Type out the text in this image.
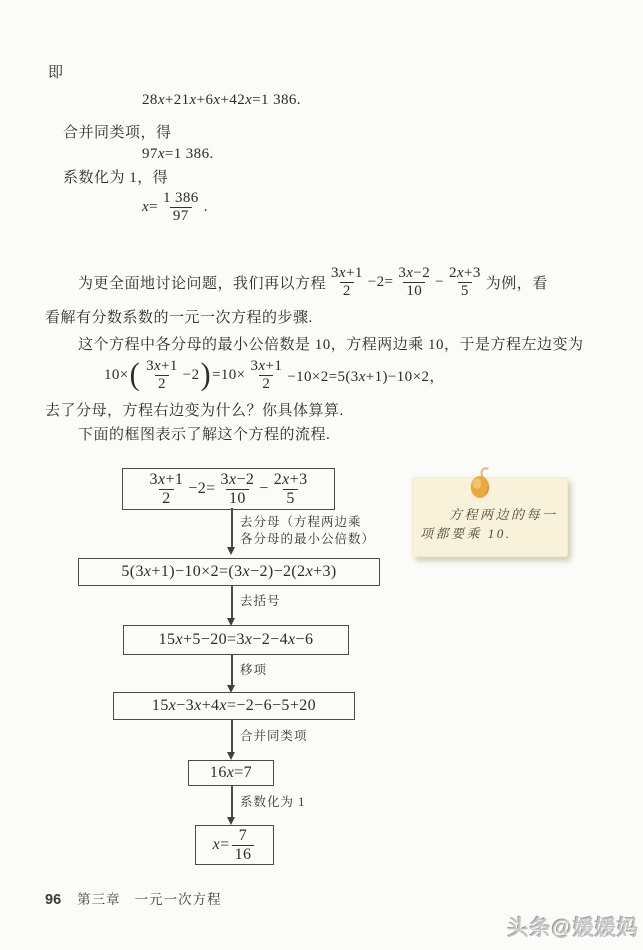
即
28x+21x+6x+42x=1 386.
合并同类项，得
97x=1 386.
系数化为 1，得
$x= \frac{1 386}{97}$ .
为更全面地讨论问题，我们再以方程 $\frac{3x+1}{2} -2= \frac{3x-2}{10} - \frac{2x+3}{5}$ 为例，看
看解有分数系数的一元一次方程的步骤.
这个方程中各分母的最小公倍数是 10，方程两边乘 10，于是方程左边变为
10× ( $\frac{3x+1}{2} -2$ ) $=10\times \frac{3x+1}{2} -10\times 2=5(3x+1)-10\times 2$，
去了分母，方程右边变为什么？你具体算算.
下面的框图表示了解这个方程的流程.
$\frac{3x+1}{2} -2= \frac{3x-2}{10} - \frac{2x+3}{5}$
去分母（方程两边乘
各分母的最小公倍数）
5(3x+1)−10×2=(3x−2)−2(2x+3)
去括号
15x+5−20=3x−2−4x−6
移项
15x−3x+4x=−2−6−5+20
合并同类项
16x=7
系数化为 1
$x= \frac{7}{16}$
方程两边的每一
项都要乘 10.
96 第三章 一元一次方程
头条@媛媛妈
